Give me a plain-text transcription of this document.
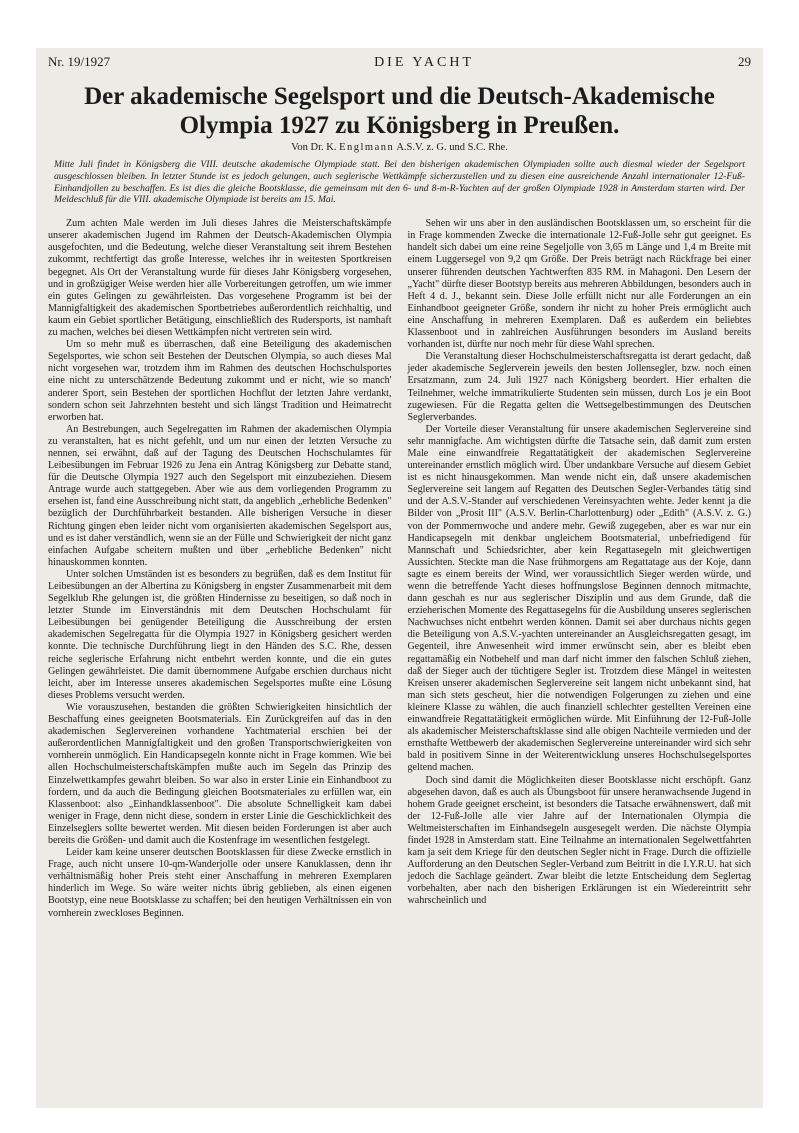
Nr. 19/1927	DIE YACHT	29
Der akademische Segelsport und die Deutsch-Akademische
Olympia 1927 zu Königsberg in Preußen.
Von Dr. K. Englmann A.S.V. z. G. und S.C. Rhe.
Mitte Juli findet in Königsberg die VIII. deutsche akademische Olympiade statt. Bei den bisherigen akademischen Olympiaden sollte auch diesmal wieder der Segelsport ausgeschlossen bleiben. In letzter Stunde ist es jedoch gelungen, auch seglerische Wettkämpfe sicherzustellen und zu diesen eine ausreichende Anzahl internationaler 12-Fuß-Einhandjollen zu beschaffen. Es ist dies die gleiche Bootsklasse, die gemeinsam mit den 6- und 8-m-R-Yachten auf der großen Olympiade 1928 in Amsterdam starten wird. Der Meldeschluß für die VIII. akademische Olympiade ist bereits am 15. Mai.

Zum achten Male werden im Juli dieses Jahres die Meisterschaftskämpfe unserer akademischen Jugend im Rahmen der Deutsch-Akademischen Olympia ausgefochten, und die Bedeutung, welche dieser Veranstaltung seit ihrem Bestehen zukommt, rechtfertigt das große Interesse, welches ihr in weitesten Sportkreisen begegnet. Als Ort der Veranstaltung wurde für dieses Jahr Königsberg vorgesehen, und in großzügiger Weise werden hier alle Vorbereitungen getroffen, um wie immer ein gutes Gelingen zu gewährleisten. Das vorgesehene Programm ist bei der Mannigfaltigkeit des akademischen Sportbetriebes außerordentlich reichhaltig, und kaum ein Gebiet sportlicher Betätigung, einschließlich des Rudersports, ist namhaft zu machen, welches bei diesen Wettkämpfen nicht vertreten sein wird.

Um so mehr muß es überraschen, daß eine Beteiligung des akademischen Segelsportes, wie schon seit Bestehen der Deutschen Olympia, so auch dieses Mal nicht vorgesehen war, trotzdem ihm im Rahmen des deutschen Hochschulsportes eine nicht zu unterschätzende Bedeutung zukommt und er nicht, wie so manch' anderer Sport, sein Bestehen der sportlichen Hochflut der letzten Jahre verdankt, sondern schon seit Jahrzehnten besteht und sich längst Tradition und Heimatrecht erworben hat.

An Bestrebungen, auch Segelregatten im Rahmen der akademischen Olympia zu veranstalten, hat es nicht gefehlt, und um nur einen der letzten Versuche zu nennen, sei erwähnt, daß auf der Tagung des Deutschen Hochschulamtes für Leibesübungen im Februar 1926 zu Jena ein Antrag Königsberg zur Debatte stand, für die Deutsche Olympia 1927 auch den Segelsport mit einzubeziehen. Diesem Antrage wurde auch stattgegeben. Aber wie aus dem vorliegenden Programm zu ersehen ist, fand eine Ausschreibung nicht statt, da angeblich „erhebliche Bedenken" bezüglich der Durchführbarkeit bestanden. Alle bisherigen Versuche in dieser Richtung gingen eben leider nicht vom organisierten akademischen Segelsport aus, und es ist daher verständlich, wenn sie an der Fülle und Schwierigkeit der nicht ganz einfachen Aufgabe scheitern mußten und über „erhebliche Bedenken" nicht hinauskommen konnten.

Unter solchen Umständen ist es besonders zu begrüßen, daß es dem Institut für Leibesübungen an der Albertina zu Königsberg in engster Zusammenarbeit mit dem Segelklub Rhe gelungen ist, die größten Hindernisse zu beseitigen, so daß noch in letzter Stunde im Einverständnis mit dem Deutschen Hochschulamt für Leibesübungen bei genügender Beteiligung die Ausschreibung der ersten akademischen Segelregatta für die Olympia 1927 in Königsberg gesichert werden konnte. Die technische Durchführung liegt in den Händen des S.C. Rhe, dessen reiche seglerische Erfahrung nicht entbehrt werden konnte, und die ein gutes Gelingen gewährleistet. Die damit übernommene Aufgabe erschien durchaus nicht leicht, aber im Interesse unseres akademischen Segelsportes mußte eine Lösung dieses Problems versucht werden.

Wie vorauszusehen, bestanden die größten Schwierigkeiten hinsichtlich der Beschaffung eines geeigneten Bootsmaterials. Ein Zurückgreifen auf das in den akademischen Seglervereinen vorhandene Yachtmaterial erschien bei der außerordentlichen Mannigfaltigkeit und den großen Transportschwierigkeiten von vornherein unmöglich. Ein Handicapsegeln konnte nicht in Frage kommen. Wie bei allen Hochschulmeisterschaftskämpfen mußte auch im Segeln das Prinzip des Einzelwettkampfes gewahrt bleiben. So war also in erster Linie ein Einhandboot zu fordern, und da auch die Bedingung gleichen Bootsmateriales zu erfüllen war, ein Klassenboot: also „Einhandklassenboot". Die absolute Schnelligkeit kam dabei weniger in Frage, denn nicht diese, sondern in erster Linie die Geschicklichkeit des Einzelseglers sollte bewertet werden. Mit diesen beiden Forderungen ist aber auch bereits die Größen- und damit auch die Kostenfrage im wesentlichen festgelegt.

Leider kam keine unserer deutschen Bootsklassen für diese Zwecke ernstlich in Frage, auch nicht unsere 10-qm-Wanderjolle oder unsere Kanuklassen, denn ihr verhältnismäßig hoher Preis steht einer Anschaffung in mehreren Exemplaren hinderlich im Wege. So wäre weiter nichts übrig geblieben, als einen eigenen Bootstyp, eine neue Bootsklasse zu schaffen; bei den heutigen Verhältnissen ein von vornherein zweckloses Beginnen.

Sehen wir uns aber in den ausländischen Bootsklassen um, so erscheint für die in Frage kommenden Zwecke die internationale 12-Fuß-Jolle sehr gut geeignet. Es handelt sich dabei um eine reine Segeljolle von 3,65 m Länge und 1,4 m Breite mit einem Luggersegel von 9,2 qm Größe. Der Preis beträgt nach Rückfrage bei einer unserer führenden deutschen Yachtwerften 835 RM. in Mahagoni. Den Lesern der „Yacht" dürfte dieser Bootstyp bereits aus mehreren Abbildungen, besonders auch in Heft 4 d. J., bekannt sein. Diese Jolle erfüllt nicht nur alle Forderungen an ein Einhandboot geeigneter Größe, sondern ihr nicht zu hoher Preis ermöglicht auch eine Anschaffung in mehreren Exemplaren. Daß es außerdem ein beliebtes Klassenboot und in zahlreichen Ausführungen besonders im Ausland bereits vorhanden ist, dürfte nur noch mehr für diese Wahl sprechen.

Die Veranstaltung dieser Hochschulmeisterschaftsregatta ist derart gedacht, daß jeder akademische Seglerverein jeweils den besten Jollensegler, bzw. noch einen Ersatzmann, zum 24. Juli 1927 nach Königsberg beordert. Hier erhalten die Teilnehmer, welche immatrikulierte Studenten sein müssen, durch Los je ein Boot zugewiesen. Für die Regatta gelten die Wettsegelbestimmungen des Deutschen Seglerverbandes.

Der Vorteile dieser Veranstaltung für unsere akademischen Seglervereine sind sehr mannigfache. Am wichtigsten dürfte die Tatsache sein, daß damit zum ersten Male eine einwandfreie Regattatätigkeit der akademischen Seglervereine untereinander ernstlich möglich wird. Über undankbare Versuche auf diesem Gebiet ist es nicht hinausgekommen. Man wende nicht ein, daß unsere akademischen Seglervereine seit langem auf Regatten des Deutschen Segler-Verbandes tätig sind und der A.S.V.-Stander auf verschiedenen Vereinsyachten wehte. Jeder kennt ja die Bilder von „Prosit III" (A.S.V. Berlin-Charlottenburg) oder „Edith" (A.S.V. z. G.) von der Pommernwoche und andere mehr. Gewiß zugegeben, aber es war nur ein Handicapsegeln mit denkbar ungleichem Bootsmaterial, unbefriedigend für Mannschaft und Schiedsrichter, aber kein Regattasegeln mit gleichwertigen Aussichten. Steckte man die Nase frühmorgens am Regattatage aus der Koje, dann sagte es einem bereits der Wind, wer voraussichtlich Sieger werden würde, und wenn die betreffende Yacht dieses hoffnungslose Beginnen dennoch mitmachte, dann geschah es nur aus seglerischer Disziplin und aus dem Grunde, daß die erzieherischen Momente des Regattasegelns für die Ausbildung unseres seglerischen Nachwuchses nicht entbehrt werden können. Damit sei aber durchaus nichts gegen die Beteiligung von A.S.V.-yachten untereinander an Ausgleichsregatten gesagt, im Gegenteil, ihre Anwesenheit wird immer erwünscht sein, aber es bleibt eben regattamäßig ein Notbehelf und man darf nicht immer den falschen Schluß ziehen, daß der Sieger auch der tüchtigere Segler ist. Trotzdem diese Mängel in weitesten Kreisen unserer akademischen Seglervereine seit langem nicht unbekannt sind, hat man sich stets gescheut, hier die notwendigen Folgerungen zu ziehen und eine kleinere Klasse zu wählen, die auch finanziell schlechter gestellten Vereinen eine einwandfreie Regattatätigkeit ermöglichen würde. Mit Einführung der 12-Fuß-Jolle als akademischer Meisterschaftsklasse sind alle obigen Nachteile vermieden und der ernsthafte Wettbewerb der akademischen Seglervereine untereinander wird sich sehr bald in positivem Sinne in der Weiterentwicklung unseres Hochschulsegelsportes geltend machen.

Doch sind damit die Möglichkeiten dieser Bootsklasse nicht erschöpft. Ganz abgesehen davon, daß es auch als Übungsboot für unsere heranwachsende Jugend in hohem Grade geeignet erscheint, ist besonders die Tatsache erwähnenswert, daß mit der 12-Fuß-Jolle alle vier Jahre auf der Internationalen Olympia die Weltmeisterschaften im Einhandsegeln ausgesegelt werden. Die nächste Olympia findet 1928 in Amsterdam statt. Eine Teilnahme an internationalen Segelwettfahrten kam ja seit dem Kriege für den deutschen Segler nicht in Frage. Durch die offizielle Aufforderung an den Deutschen Segler-Verband zum Beitritt in die I.Y.R.U. hat sich jedoch die Sachlage geändert. Zwar bleibt die letzte Entscheidung dem Seglertag vorbehalten, aber nach den bisherigen Erklärungen ist ein Wiedereintritt sehr wahrscheinlich und
